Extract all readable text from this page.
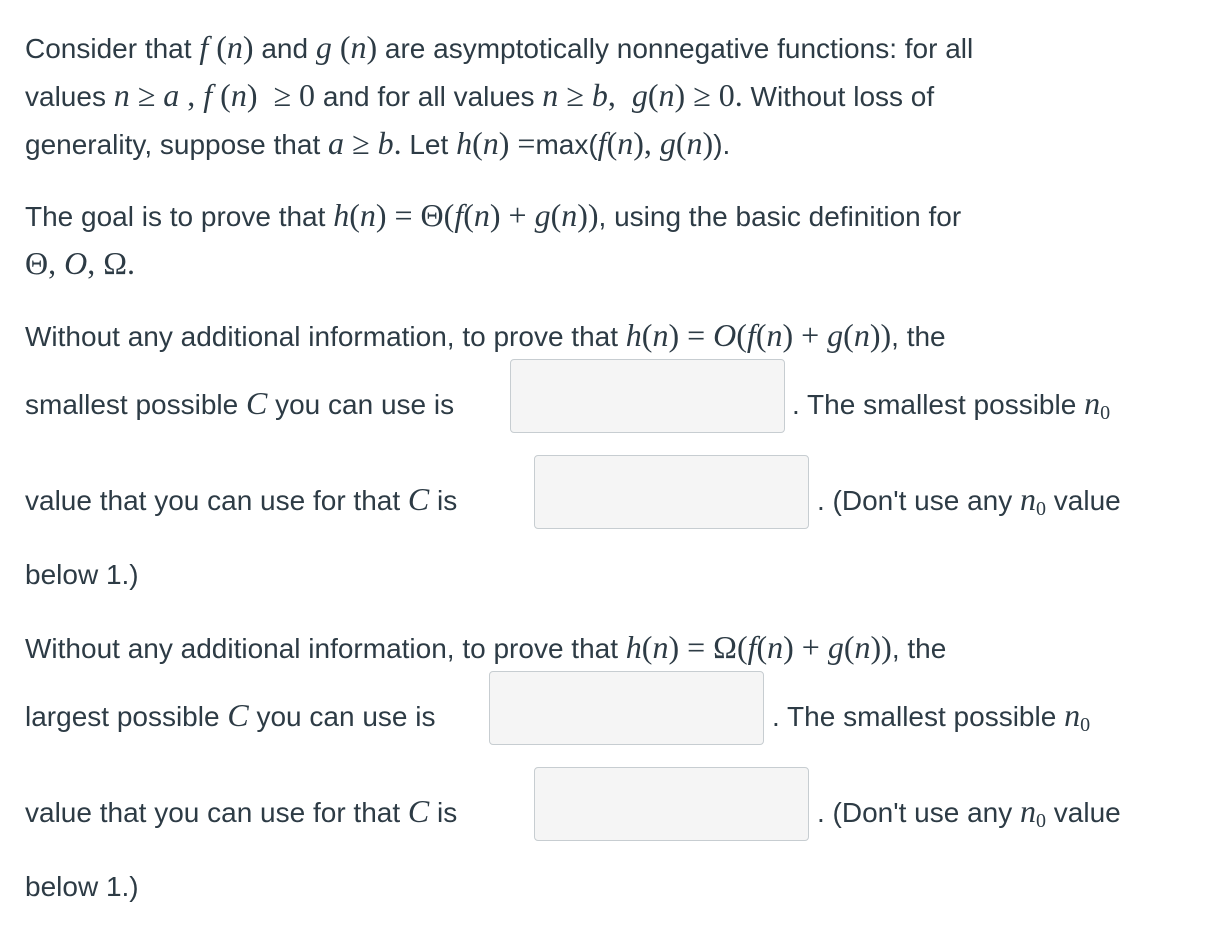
Consider that f (n) and g (n) are asymptotically nonnegative functions: for all
values n ≥ a , f (n)  ≥ 0 and for all values n ≥ b,  g(n) ≥ 0. Without loss of
generality, suppose that a ≥ b. Let h(n) =max(f(n), g(n)).
The goal is to prove that h(n) = Θ(f(n) + g(n)), using the basic definition for
Θ, O, Ω.
Without any additional information, to prove that h(n) = O(f(n) + g(n)), the
smallest possible C you can use is	. The smallest possible $n_0$
value that you can use for that C is	. (Don't use any $n_0$ value
below 1.)
Without any additional information, to prove that h(n) = Ω(f(n) + g(n)), the
largest possible C you can use is	. The smallest possible $n_0$
value that you can use for that C is	. (Don't use any $n_0$ value
below 1.)
